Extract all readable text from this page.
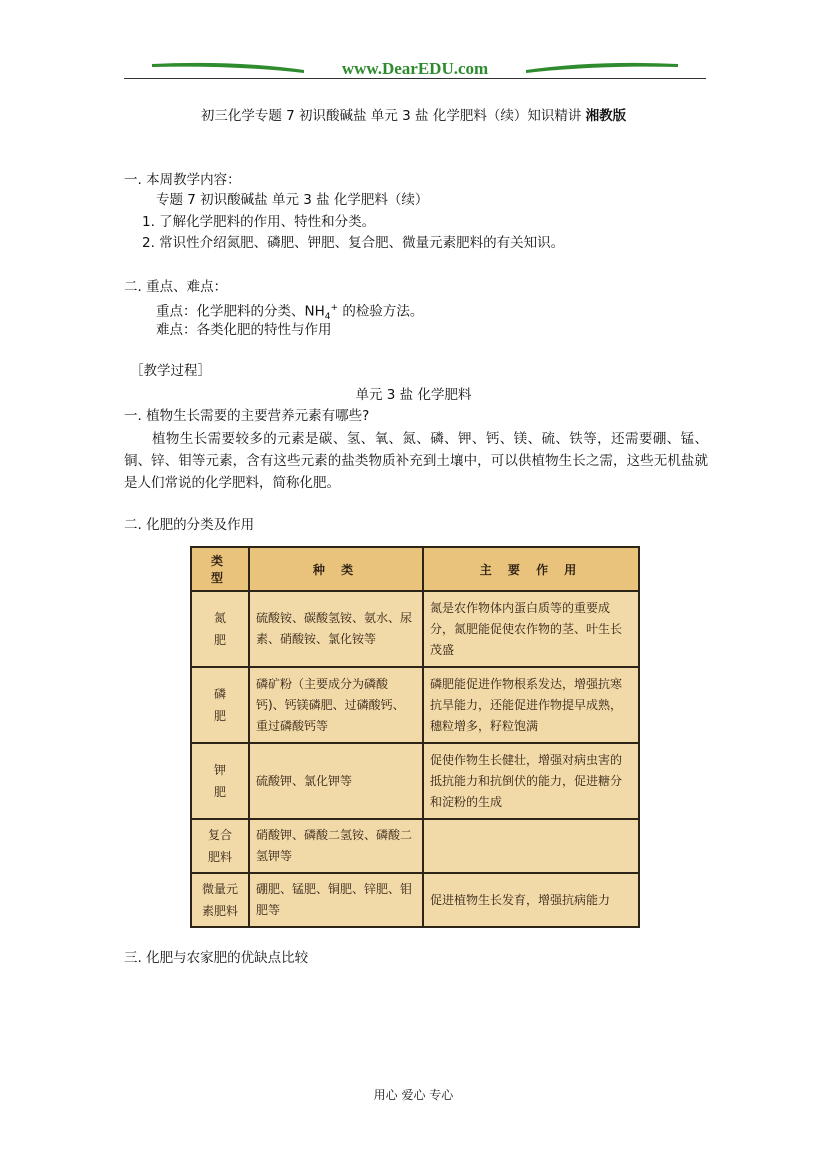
www.DearEDU.com
初三化学专题 7 初识酸碱盐 单元 3 盐 化学肥料（续）知识精讲 湘教版
一. 本周教学内容：
专题 7 初识酸碱盐 单元 3 盐 化学肥料（续）
1. 了解化学肥料的作用、特性和分类。
2. 常识性介绍氮肥、磷肥、钾肥、复合肥、微量元素肥料的有关知识。
二. 重点、难点：
重点：化学肥料的分类、$NH_4^+$ 的检验方法。
难点：各类化肥的特性与作用
［教学过程］
单元 3 盐 化学肥料
一. 植物生长需要的主要营养元素有哪些?
植物生长需要较多的元素是碳、氢、氧、氮、磷、钾、钙、镁、硫、铁等，还需要硼、锰、铜、锌、钼等元素，含有这些元素的盐类物质补充到土壤中，可以供植物生长之需，这些无机盐就是人们常说的化学肥料，简称化肥。
二. 化肥的分类及作用
类 型	种 类	主 要 作 用
氮
肥	硫酸铵、碳酸氢铵、氨水、尿素、硝酸铵、氯化铵等	氮是农作物体内蛋白质等的重要成分，氮肥能促使农作物的茎、叶生长茂盛
磷
肥	磷矿粉（主要成分为磷酸钙)、钙镁磷肥、过磷酸钙、重过磷酸钙等	磷肥能促进作物根系发达，增强抗寒抗旱能力，还能促进作物提早成熟，穗粒增多，籽粒饱满
钾
肥	硫酸钾、氯化钾等	促使作物生长健壮，增强对病虫害的抵抗能力和抗倒伏的能力，促进糖分和淀粉的生成
复合
肥料	硝酸钾、磷酸二氢铵、磷酸二氢钾等	
微量元
素肥料	硼肥、锰肥、铜肥、锌肥、钼肥等	促进植物生长发育，增强抗病能力
三. 化肥与农家肥的优缺点比较
用心 爱心 专心
